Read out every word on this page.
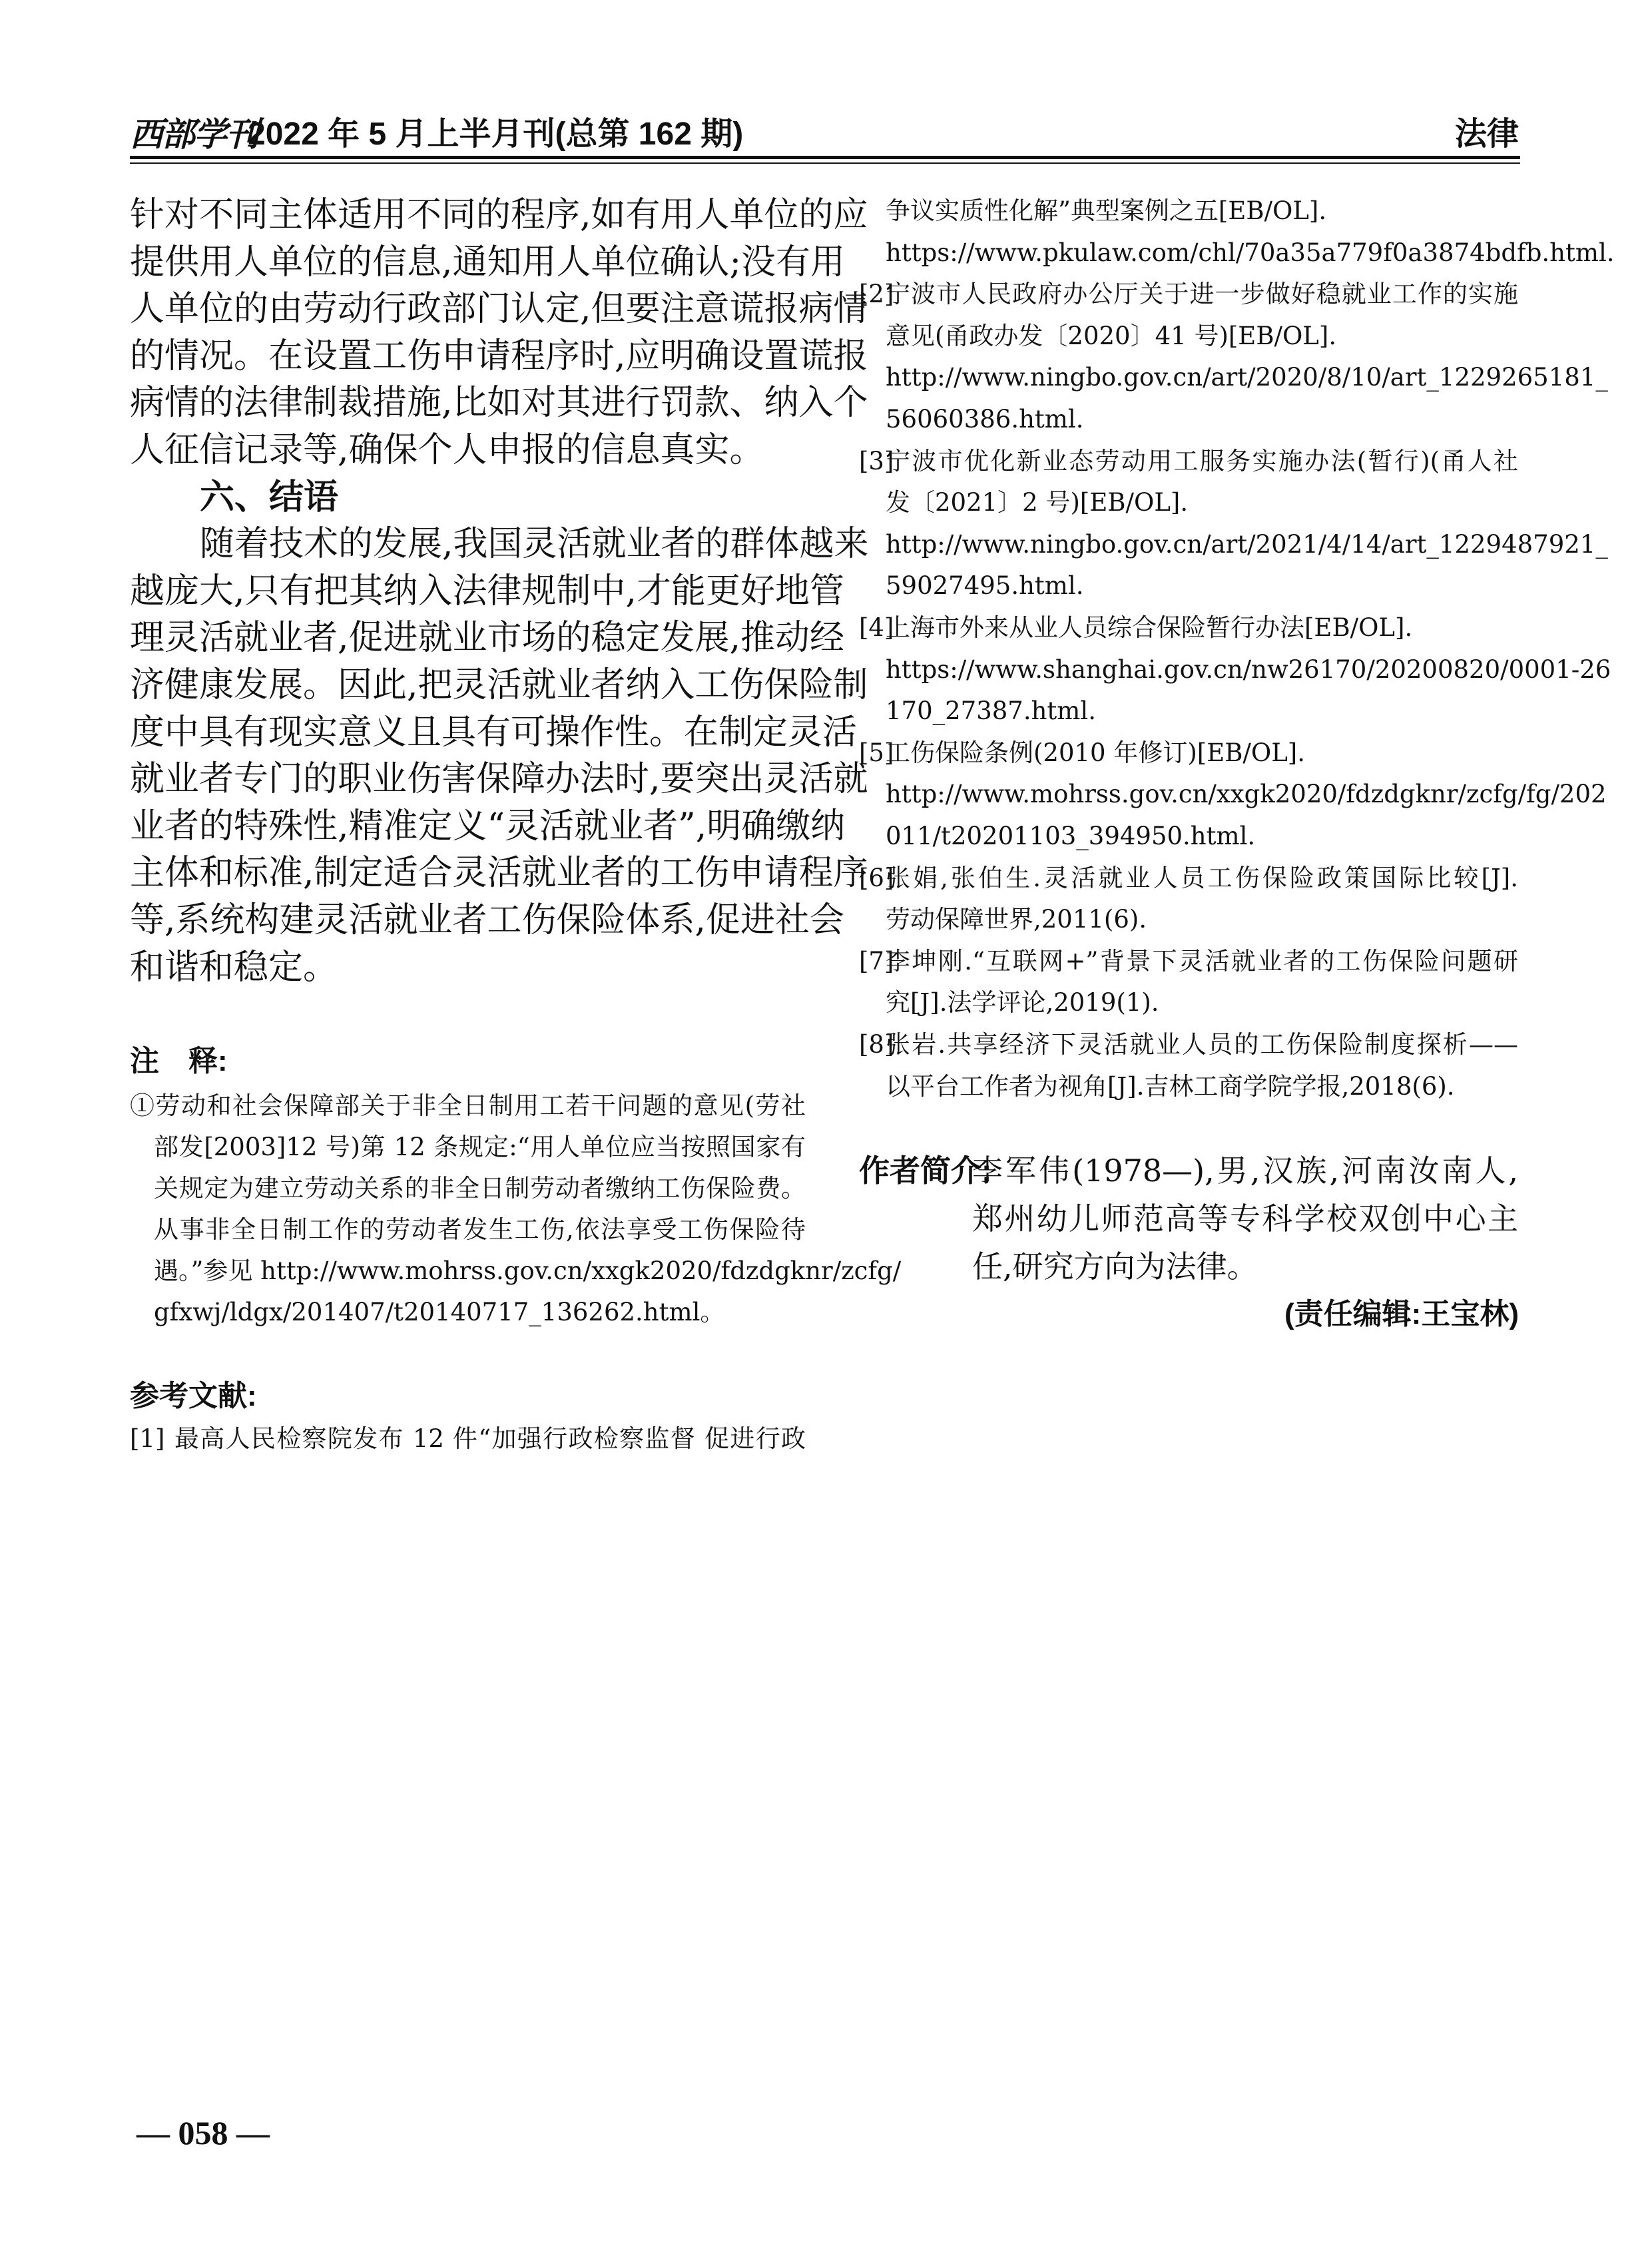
西部学刊
2022 年 5 月上半月刊(总第 162 期)	法律
针对不同主体适用不同的程序,如有用人单位的应
提供用人单位的信息,通知用人单位确认;没有用
人单位的由劳动行政部门认定,但要注意谎报病情
的情况。在设置工伤申请程序时,应明确设置谎报
病情的法律制裁措施,比如对其进行罚款、纳入个
人征信记录等,确保个人申报的信息真实。
六、结语
随着技术的发展,我国灵活就业者的群体越来
越庞大,只有把其纳入法律规制中,才能更好地管
理灵活就业者,促进就业市场的稳定发展,推动经
济健康发展。因此,把灵活就业者纳入工伤保险制
度中具有现实意义且具有可操作性。在制定灵活
就业者专门的职业伤害保障办法时,要突出灵活就
业者的特殊性,精准定义“灵活就业者”,明确缴纳
主体和标准,制定适合灵活就业者的工伤申请程序
等,系统构建灵活就业者工伤保险体系,促进社会
和谐和稳定。
注　释:
①劳动和社会保障部关于非全日制用工若干问题的意见(劳社
部发[2003]12 号)第 12 条规定:“用人单位应当按照国家有
关规定为建立劳动关系的非全日制劳动者缴纳工伤保险费。
从事非全日制工作的劳动者发生工伤,依法享受工伤保险待
遇。”参见 http://www.mohrss.gov.cn/xxgk2020/fdzdgknr/zcfg/
gfxwj/ldgx/201407/t20140717_136262.html。
参考文献:
[1] 最高人民检察院发布 12 件“加强行政检察监督 促进行政
争议实质性化解”典型案例之五[EB/OL].
https://www.pkulaw.com/chl/70a35a779f0a3874bdfb.html.
[2]
宁波市人民政府办公厅关于进一步做好稳就业工作的实施
意见(甬政办发〔2020〕41 号)[EB/OL].
http://www.ningbo.gov.cn/art/2020/8/10/art_1229265181_
56060386.html.
[3]
宁波市优化新业态劳动用工服务实施办法(暂行)(甬人社
发〔2021〕2 号)[EB/OL].
http://www.ningbo.gov.cn/art/2021/4/14/art_1229487921_
59027495.html.
[4]
上海市外来从业人员综合保险暂行办法[EB/OL].
https://www.shanghai.gov.cn/nw26170/20200820/0001-26
170_27387.html.
[5]
工伤保险条例(2010 年修订)[EB/OL].
http://www.mohrss.gov.cn/xxgk2020/fdzdgknr/zcfg/fg/202
011/t20201103_394950.html.
[6]
张娟,张伯生.灵活就业人员工伤保险政策国际比较[J].
劳动保障世界,2011(6).
[7]
李坤刚.“互联网+”背景下灵活就业者的工伤保险问题研
究[J].法学评论,2019(1).
[8]
张岩.共享经济下灵活就业人员的工伤保险制度探析——
以平台工作者为视角[J].吉林工商学院学报,2018(6).
作者简介:
李军伟(1978—),男,汉族,河南汝南人,
郑州幼儿师范高等专科学校双创中心主
任,研究方向为法律。
(责任编辑:王宝林)
— 058 —
